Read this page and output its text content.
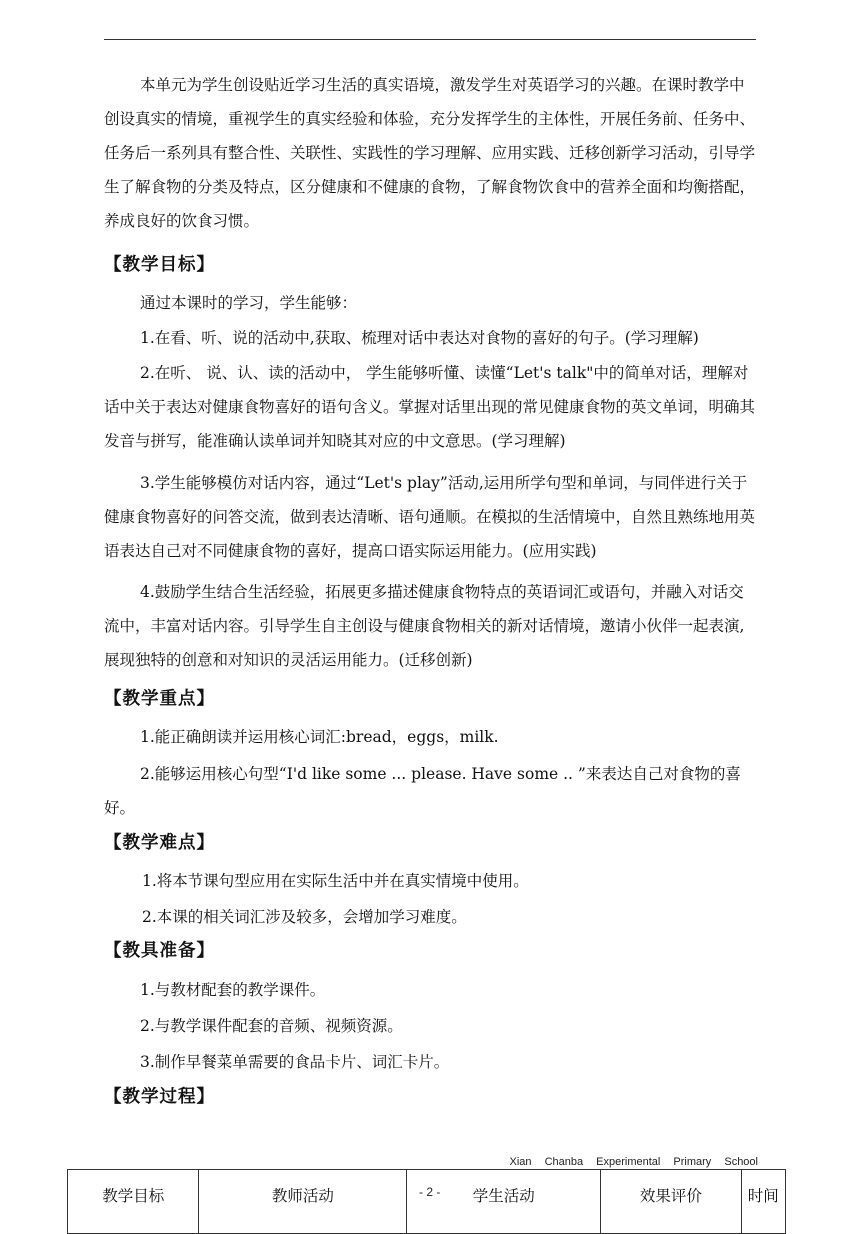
本单元为学生创设贴近学习生活的真实语境，激发学生对英语学习的兴趣。在课时教学中创设真实的情境，重视学生的真实经验和体验，充分发挥学生的主体性，开展任务前、任务中、任务后一系列具有整合性、关联性、实践性的学习理解、应用实践、迁移创新学习活动，引导学生了解食物的分类及特点，区分健康和不健康的食物，了解食物饮食中的营养全面和均衡搭配，养成良好的饮食习惯。

【教学目标】
通过本课时的学习，学生能够：
1.在看、听、说的活动中,获取、梳理对话中表达对食物的喜好的句子。(学习理解)

2.在听、 说、认、读的活动中， 学生能够听懂、读懂“Let's talk"中的简单对话，理解对话中关于表达对健康食物喜好的语句含义。掌握对话里出现的常见健康食物的英文单词，明确其发音与拼写，能准确认读单词并知晓其对应的中文意思。(学习理解)

3.学生能够模仿对话内容，通过“Let's play”活动,运用所学句型和单词，与同伴进行关于健康食物喜好的问答交流，做到表达清晰、语句通顺。在模拟的生活情境中，自然且熟练地用英语表达自己对不同健康食物的喜好，提高口语实际运用能力。(应用实践)

4.鼓励学生结合生活经验，拓展更多描述健康食物特点的英语词汇或语句，并融入对话交流中，丰富对话内容。引导学生自主创设与健康食物相关的新对话情境，邀请小伙伴一起表演,展现独特的创意和对知识的灵活运用能力。(迁移创新)

【教学重点】
1.能正确朗读并运用核心词汇:bread，eggs，milk.

2.能够运用核心句型“I'd like some ... please. Have some .. ”来表达自己对食物的喜好。

【教学难点】
1.将本节课句型应用在实际生活中并在真实情境中使用。
2.本课的相关词汇涉及较多，会增加学习难度。
【教具准备】
1.与教材配套的教学课件。
2.与教学课件配套的音频、视频资源。
3.制作早餐菜单需要的食品卡片、词汇卡片。
【教学过程】
Xian Chanba Experimental Primary School
教学目标	教师活动	学生活动	效果评价	时间
- 2 -
